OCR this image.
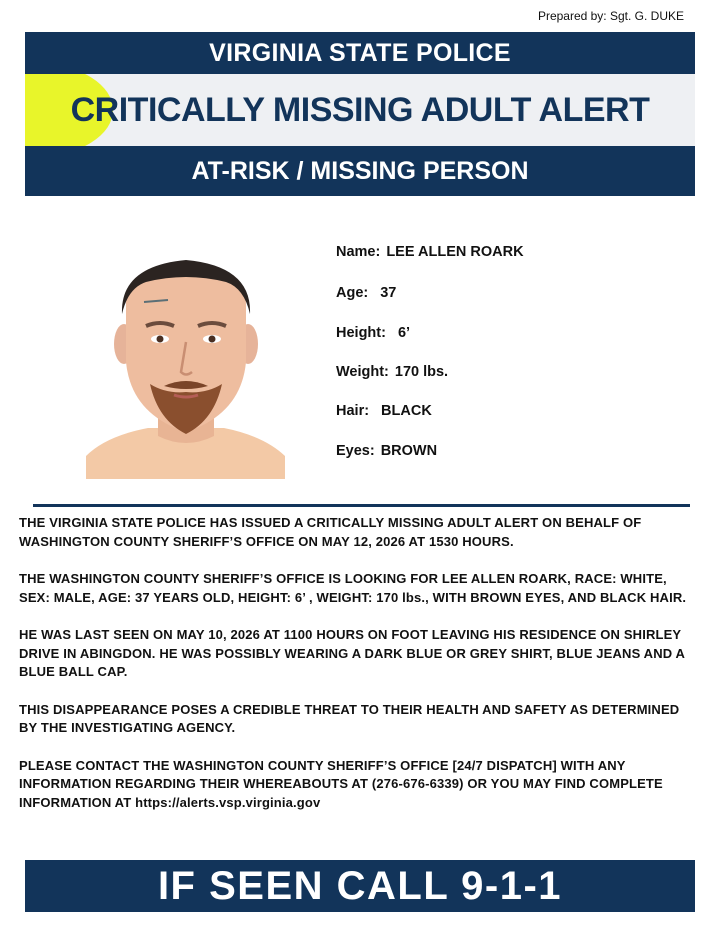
Prepared by: Sgt. G. DUKE
VIRGINIA STATE POLICE
CRITICALLY MISSING ADULT ALERT
AT-RISK / MISSING PERSON
Name: LEE ALLEN ROARK
Age: 37
Height: 6’
Weight: 170 lbs.
Hair: BLACK
Eyes: BROWN

THE VIRGINIA STATE POLICE HAS ISSUED A CRITICALLY MISSING ADULT ALERT ON BEHALF OF WASHINGTON COUNTY SHERIFF’S OFFICE ON MAY 12, 2026 AT 1530 HOURS.

THE WASHINGTON COUNTY SHERIFF’S OFFICE IS LOOKING FOR LEE ALLEN ROARK, RACE: WHITE, SEX: MALE, AGE: 37 YEARS OLD, HEIGHT: 6’ , WEIGHT: 170 lbs., WITH BROWN EYES, AND BLACK HAIR.

HE WAS LAST SEEN ON MAY 10, 2026 AT 1100 HOURS ON FOOT LEAVING HIS RESIDENCE ON SHIRLEY DRIVE IN ABINGDON. HE WAS POSSIBLY WEARING A DARK BLUE OR GREY SHIRT, BLUE JEANS AND A BLUE BALL CAP.

THIS DISAPPEARANCE POSES A CREDIBLE THREAT TO THEIR HEALTH AND SAFETY AS DETERMINED BY THE INVESTIGATING AGENCY.

PLEASE CONTACT THE WASHINGTON COUNTY SHERIFF’S OFFICE [24/7 DISPATCH] WITH ANY INFORMATION REGARDING THEIR WHEREABOUTS AT (276-676-6339) OR YOU MAY FIND COMPLETE INFORMATION AT https://alerts.vsp.virginia.gov

IF SEEN CALL 9-1-1
